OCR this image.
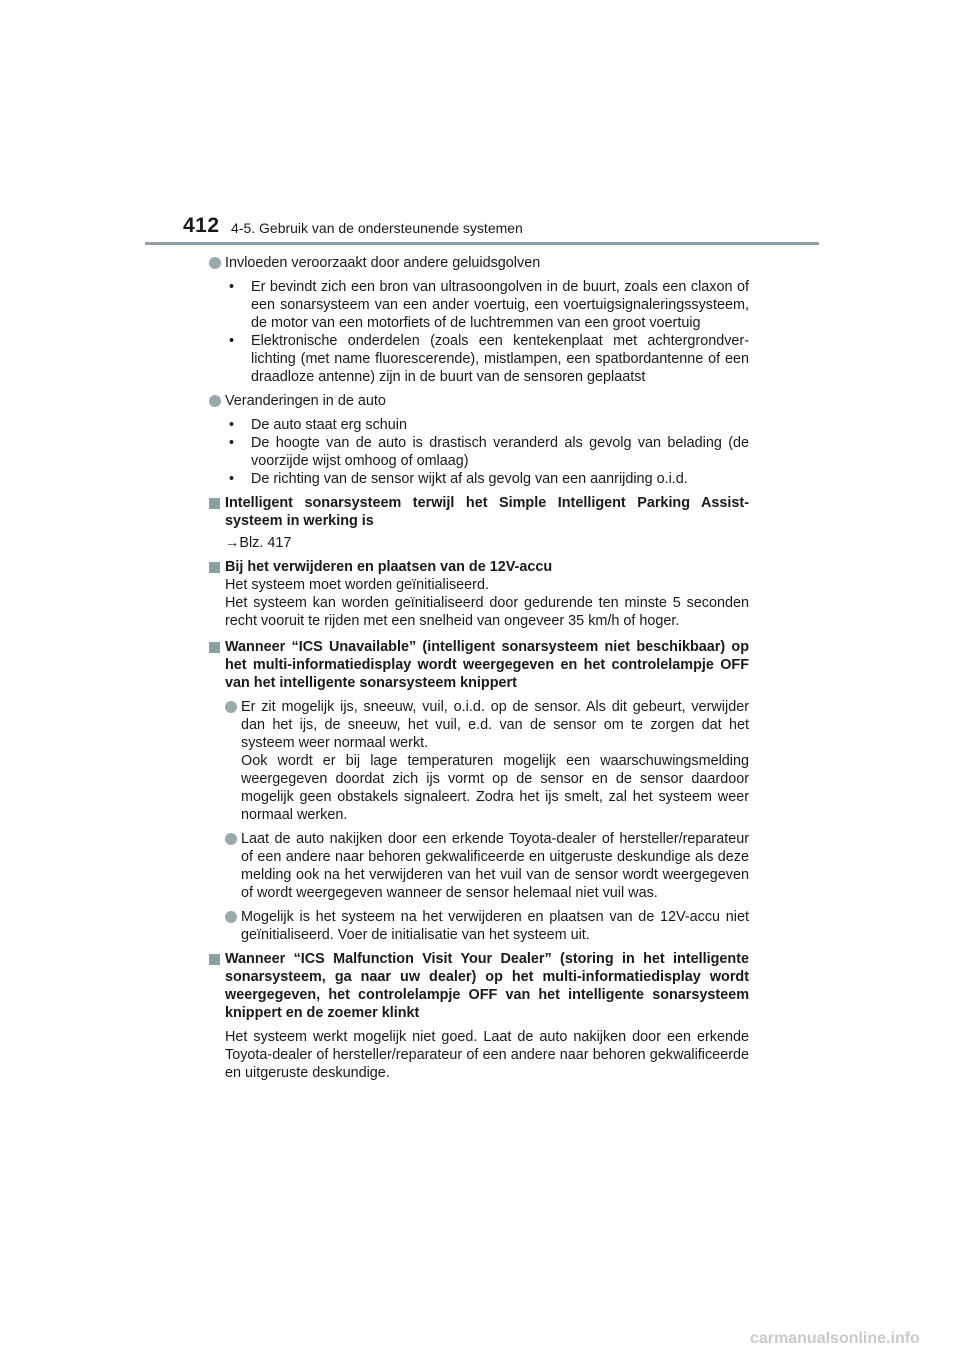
412 4-5. Gebruik van de ondersteunende systemen
Invloeden veroorzaakt door andere geluidsgolven
• Er bevindt zich een bron van ultrasoongolven in de buurt, zoals een claxon of een sonarsysteem van een ander voertuig, een voertuigsignaleringssysteem, de motor van een motorfiets of de luchtremmen van een groot voertuig
• Elektronische onderdelen (zoals een kentekenplaat met achtergrondverlichting (met name fluorescerende), mistlampen, een spatbordantenne of een draadloze antenne) zijn in de buurt van de sensoren geplaatst
Veranderingen in de auto
• De auto staat erg schuin
• De hoogte van de auto is drastisch veranderd als gevolg van belading (de voorzijde wijst omhoog of omlaag)
• De richting van de sensor wijkt af als gevolg van een aanrijding o.i.d.
Intelligent sonarsysteem terwijl het Simple Intelligent Parking Assist-systeem in werking is
→Blz. 417
Bij het verwijderen en plaatsen van de 12V-accu

Het systeem moet worden geïnitialiseerd.

Het systeem kan worden geïnitialiseerd door gedurende ten minste 5 seconden recht vooruit te rijden met een snelheid van ongeveer 35 km/h of hoger.

Wanneer “ICS Unavailable” (intelligent sonarsysteem niet beschikbaar) op het multi-informatiedisplay wordt weergegeven en het controlelampje OFF van het intelligente sonarsysteem knippert
Er zit mogelijk ijs, sneeuw, vuil, o.i.d. op de sensor. Als dit gebeurt, verwijder dan het ijs, de sneeuw, het vuil, e.d. van de sensor om te zorgen dat het systeem weer normaal werkt.
Ook wordt er bij lage temperaturen mogelijk een waarschuwingsmelding weergegeven doordat zich ijs vormt op de sensor en de sensor daardoor mogelijk geen obstakels signaleert. Zodra het ijs smelt, zal het systeem weer normaal werken.
Laat de auto nakijken door een erkende Toyota-dealer of hersteller/reparateur of een andere naar behoren gekwalificeerde en uitgeruste deskundige als deze melding ook na het verwijderen van het vuil van de sensor wordt weergegeven of wordt weergegeven wanneer de sensor helemaal niet vuil was.
Mogelijk is het systeem na het verwijderen en plaatsen van de 12V-accu niet geïnitialiseerd. Voer de initialisatie van het systeem uit.
Wanneer “ICS Malfunction Visit Your Dealer” (storing in het intelligente sonarsysteem, ga naar uw dealer) op het multi-informatiedisplay wordt weergegeven, het controlelampje OFF van het intelligente sonarsysteem knippert en de zoemer klinkt

Het systeem werkt mogelijk niet goed. Laat de auto nakijken door een erkende Toyota-dealer of hersteller/reparateur of een andere naar behoren gekwalificeerde en uitgeruste deskundige.

carmanualsonline.info
